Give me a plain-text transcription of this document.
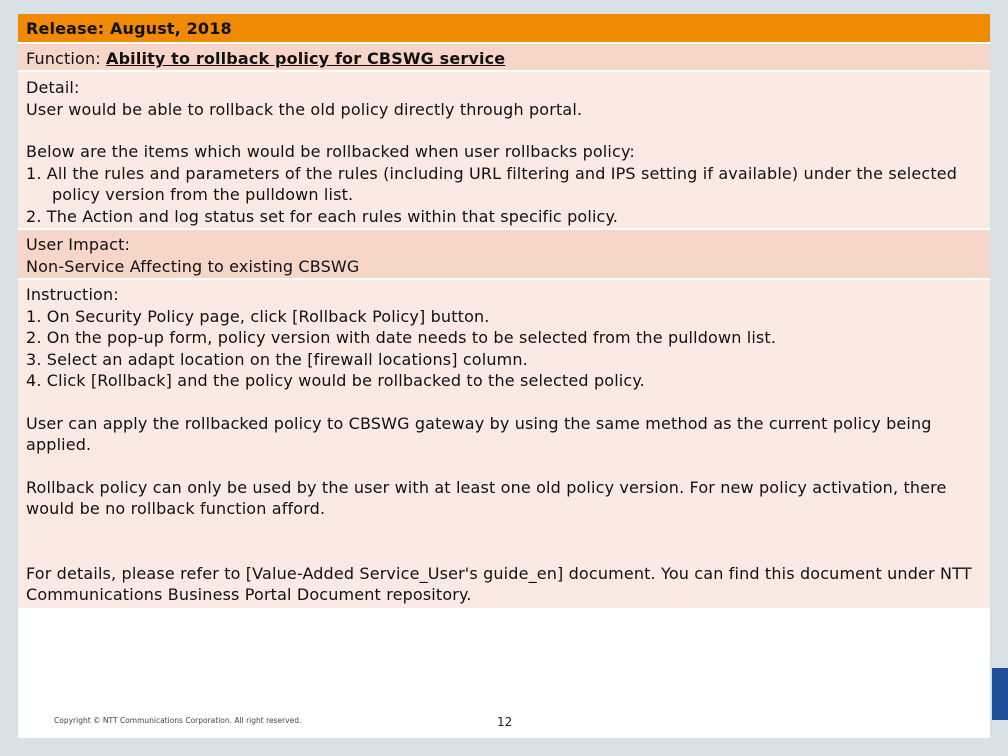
Release: August, 2018
Function: Ability to rollback policy for CBSWG service
Detail:
User would be able to rollback the old policy directly through portal.
Below are the items which would be rollbacked when user rollbacks policy:
1. All the rules and parameters of the rules (including URL filtering and IPS setting if available) under the selected policy version from the pulldown list.
2. The Action and log status set for each rules within that specific policy.
User Impact:
Non-Service Affecting to existing CBSWG
Instruction:
1. On Security Policy page, click [Rollback Policy] button.
2. On the pop-up form, policy version with date needs to be selected from the pulldown list.
3. Select an adapt location on the [firewall locations] column.
4. Click [Rollback] and the policy would be rollbacked to the selected policy.
User can apply the rollbacked policy to CBSWG gateway by using the same method as the current policy being applied.
Rollback policy can only be used by the user with at least one old policy version. For new policy activation, there would be no rollback function afford.
For details, please refer to [Value-Added Service_User's guide_en] document. You can find this document under NTT Communications Business Portal Document repository.
Copyright © NTT Communications Corporation. All right reserved.	12
